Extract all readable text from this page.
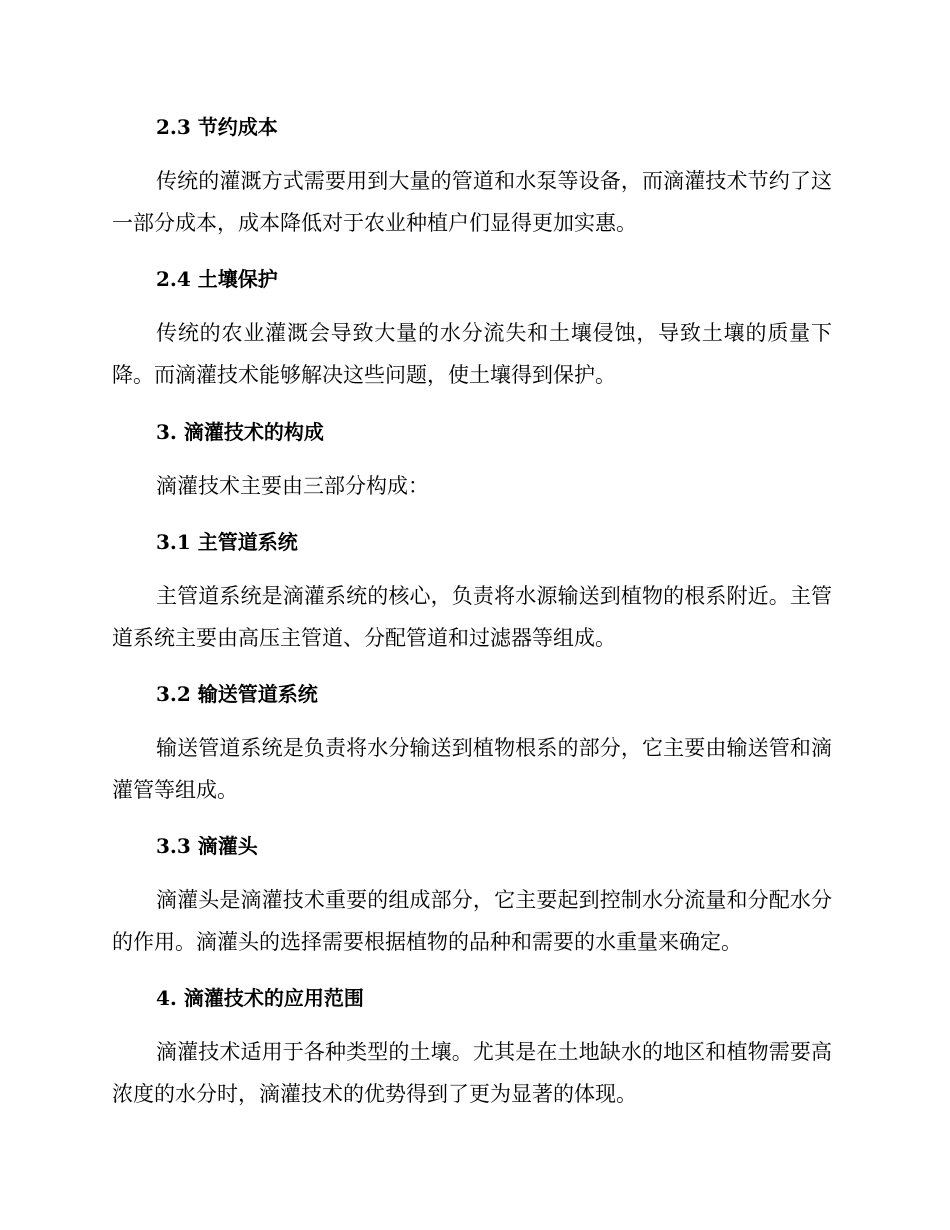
2.3 节约成本

传统的灌溉方式需要用到大量的管道和水泵等设备，而滴灌技术节约了这一部分成本，成本降低对于农业种植户们显得更加实惠。

2.4 土壤保护

传统的农业灌溉会导致大量的水分流失和土壤侵蚀，导致土壤的质量下降。而滴灌技术能够解决这些问题，使土壤得到保护。

3. 滴灌技术的构成

滴灌技术主要由三部分构成：

3.1 主管道系统

主管道系统是滴灌系统的核心，负责将水源输送到植物的根系附近。主管道系统主要由高压主管道、分配管道和过滤器等组成。

3.2 输送管道系统

输送管道系统是负责将水分输送到植物根系的部分，它主要由输送管和滴灌管等组成。

3.3 滴灌头

滴灌头是滴灌技术重要的组成部分，它主要起到控制水分流量和分配水分的作用。滴灌头的选择需要根据植物的品种和需要的水重量来确定。

4. 滴灌技术的应用范围

滴灌技术适用于各种类型的土壤。尤其是在土地缺水的地区和植物需要高浓度的水分时，滴灌技术的优势得到了更为显著的体现。
